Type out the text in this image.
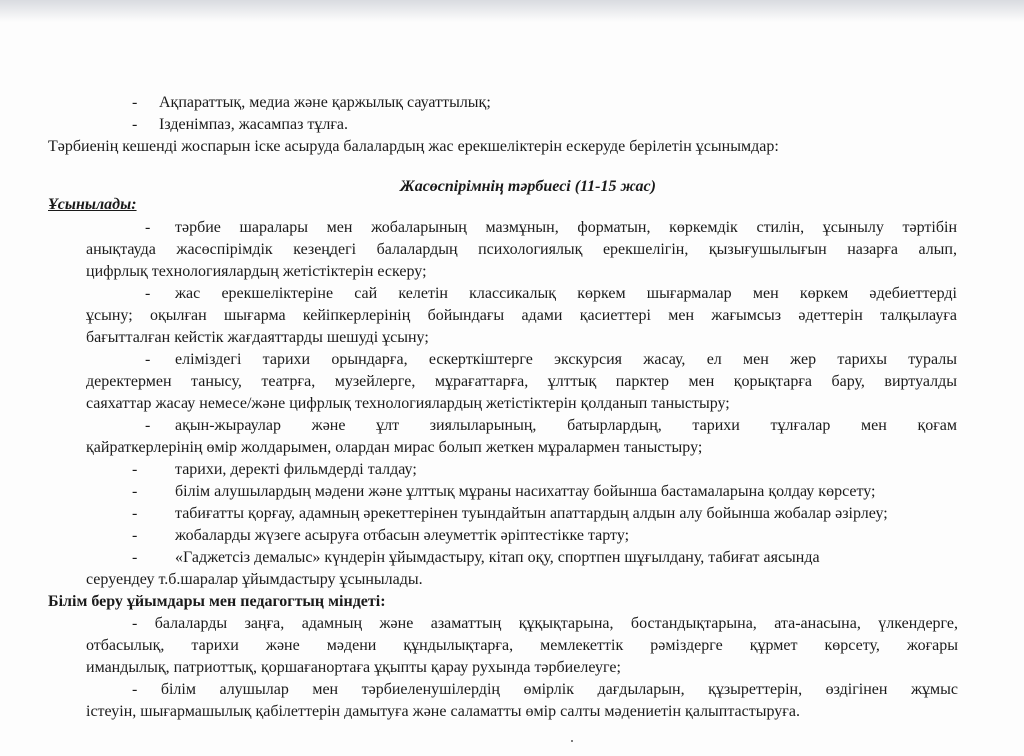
- Ақпараттық, медиа және қаржылық сауаттылық;
- Ізденімпаз, жасампаз тұлға.
Тәрбиенің кешенді жоспарын іске асыруда балалардың жас ерекшеліктерін ескеруде берілетін ұсынымдар:
Жасөспірімнің тәрбиесі (11-15 жас)
Ұсынылады:
- тәрбие шаралары мен жобаларының мазмұнын, форматын, көркемдік стилін, ұсынылу тәртібін
анықтауда жасөспірімдік кезеңдегі балалардың психологиялық ерекшелігін, қызығушылығын назарға алып,
цифрлық технологиялардың жетістіктерін ескеру;
- жас ерекшеліктеріне сай келетін классикалық көркем шығармалар мен көркем әдебиеттерді
ұсыну; оқылған шығарма кейіпкерлерінің бойындағы адами қасиеттері мен жағымсыз әдеттерін талқылауға
бағытталған кейстік жағдаяттарды шешуді ұсыну;
- еліміздегі тарихи орындарға, ескерткіштерге экскурсия жасау, ел мен жер тарихы туралы
деректермен танысу, театрға, музейлерге, мұрағаттарға, ұлттық парктер мен қорықтарға бару, виртуалды
саяхаттар жасау немесе/және цифрлық технологиялардың жетістіктерін қолданып таныстыру;
- ақын-жыраулар және ұлт зиялыларының, батырлардың, тарихи тұлғалар мен қоғам
қайраткерлерінің өмір жолдарымен, олардан мирас болып жеткен мұралармен таныстыру;
- тарихи, деректі фильмдерді талдау;
- білім алушылардың мәдени және ұлттық мұраны насихаттау бойынша бастамаларына қолдау көрсету;
- табиғатты қорғау, адамның әрекеттерінен туындайтын апаттардың алдын алу бойынша жобалар әзірлеу;
- жобаларды жүзеге асыруға отбасын әлеуметтік әріптестікке тарту;
- «Гаджетсіз демалыс» күндерін ұйымдастыру, кітап оқу, спортпен шұғылдану, табиғат аясында
серуендеу т.б.шаралар ұйымдастыру ұсынылады.
Білім беру ұйымдары мен педагогтың міндеті:
- балаларды заңға, адамның және азаматтың құқықтарына, бостандықтарына, ата-анасына, үлкендерге,
отбасылық, тарихи және мәдени құндылықтарға, мемлекеттік рәміздерге құрмет көрсету, жоғары
имандылық, патриоттық, қоршағанортаға ұқыпты қарау рухында тәрбиелеуге;
- білім алушылар мен тәрбиеленушілердің өмірлік дағдыларын, құзыреттерін, өздігінен жұмыс
істеуін, шығармашылық қабілеттерін дамытуға және саламатты өмір салты мәдениетін қалыптастыруға.
